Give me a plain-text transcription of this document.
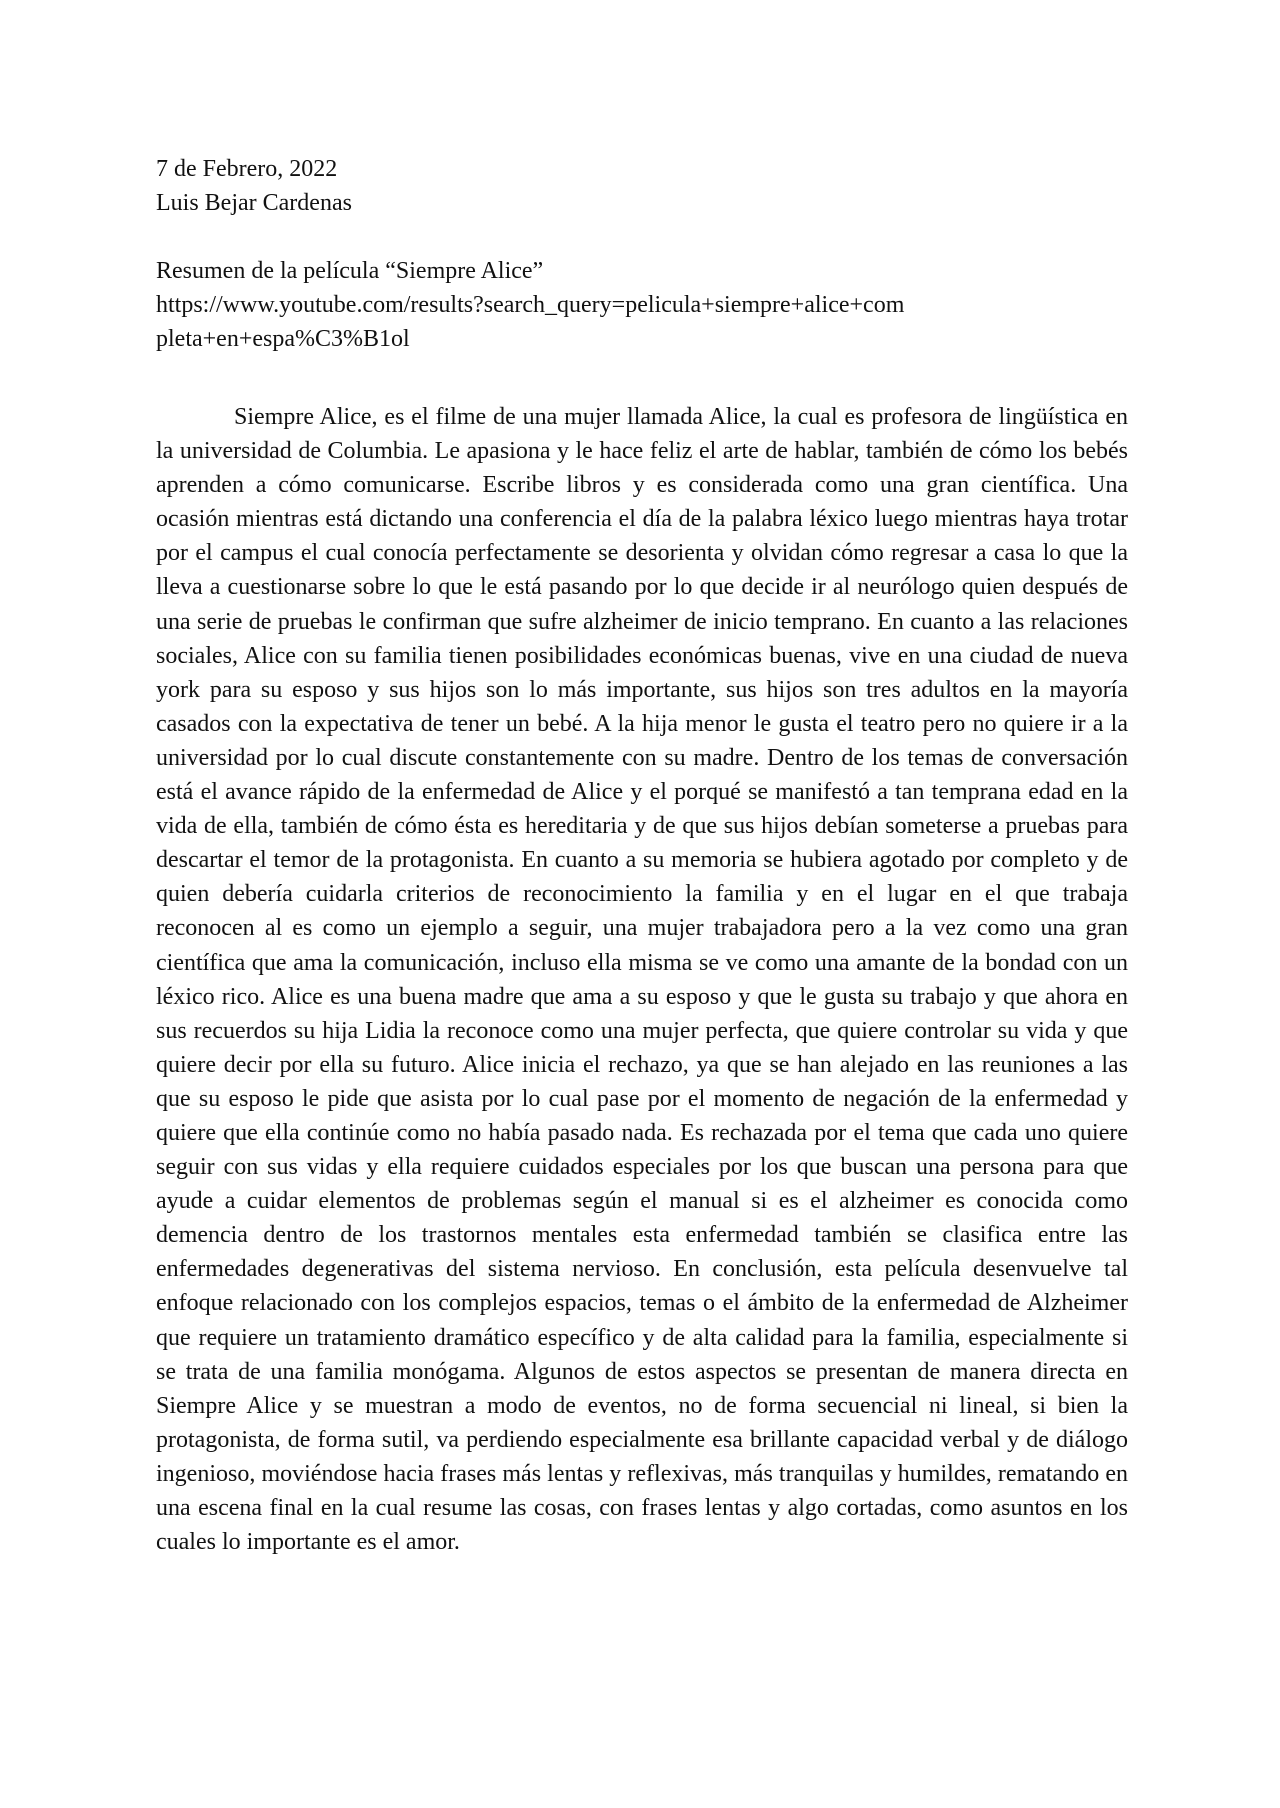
7 de Febrero, 2022

Luis Bejar Cardenas

Resumen de la película “Siempre Alice”

https://www.youtube.com/results?search_query=pelicula+siempre+alice+completa+en+espa%C3%B1ol

Siempre Alice, es el filme de una mujer llamada Alice, la cual es profesora de lingüística en la universidad de Columbia. Le apasiona y le hace feliz el arte de hablar, también de cómo los bebés aprenden a cómo comunicarse. Escribe libros y es considerada como una gran científica. Una ocasión mientras está dictando una conferencia el día de la palabra léxico luego mientras haya trotar por el campus el cual conocía perfectamente se desorienta y olvidan cómo regresar a casa lo que la lleva a cuestionarse sobre lo que le está pasando por lo que decide ir al neurólogo quien después de una serie de pruebas le confirman que sufre alzheimer de inicio temprano. En cuanto a las relaciones sociales, Alice con su familia tienen posibilidades económicas buenas, vive en una ciudad de nueva york para su esposo y sus hijos son lo más importante, sus hijos son tres adultos en la mayoría casados con la expectativa de tener un bebé. A la hija menor le gusta el teatro pero no quiere ir a la universidad por lo cual discute constantemente con su madre. Dentro de los temas de conversación está el avance rápido de la enfermedad de Alice y el porqué se manifestó a tan temprana edad en la vida de ella, también de cómo ésta es hereditaria y de que sus hijos debían someterse a pruebas para descartar el temor de la protagonista. En cuanto a su memoria se hubiera agotado por completo y de quien debería cuidarla criterios de reconocimiento la familia y en el lugar en el que trabaja reconocen al es como un ejemplo a seguir, una mujer trabajadora pero a la vez como una gran científica que ama la comunicación, incluso ella misma se ve como una amante de la bondad con un léxico rico. Alice es una buena madre que ama a su esposo y que le gusta su trabajo y que ahora en sus recuerdos su hija Lidia la reconoce como una mujer perfecta, que quiere controlar su vida y que quiere decir por ella su futuro. Alice inicia el rechazo, ya que se han alejado en las reuniones a las que su esposo le pide que asista por lo cual pase por el momento de negación de la enfermedad y quiere que ella continúe como no había pasado nada. Es rechazada por el tema que cada uno quiere seguir con sus vidas y ella requiere cuidados especiales por los que buscan una persona para que ayude a cuidar elementos de problemas según el manual si es el alzheimer es conocida como demencia dentro de los trastornos mentales esta enfermedad también se clasifica entre las enfermedades degenerativas del sistema nervioso. En conclusión, esta película desenvuelve tal enfoque relacionado con los complejos espacios, temas o el ámbito de la enfermedad de Alzheimer que requiere un tratamiento dramático específico y de alta calidad para la familia, especialmente si se trata de una familia monógama. Algunos de estos aspectos se presentan de manera directa en Siempre Alice y se muestran a modo de eventos, no de forma secuencial ni lineal, si bien la protagonista, de forma sutil, va perdiendo especialmente esa brillante capacidad verbal y de diálogo ingenioso, moviéndose hacia frases más lentas y reflexivas, más tranquilas y humildes, rematando en una escena final en la cual resume las cosas, con frases lentas y algo cortadas, como asuntos en los cuales lo importante es el amor.
